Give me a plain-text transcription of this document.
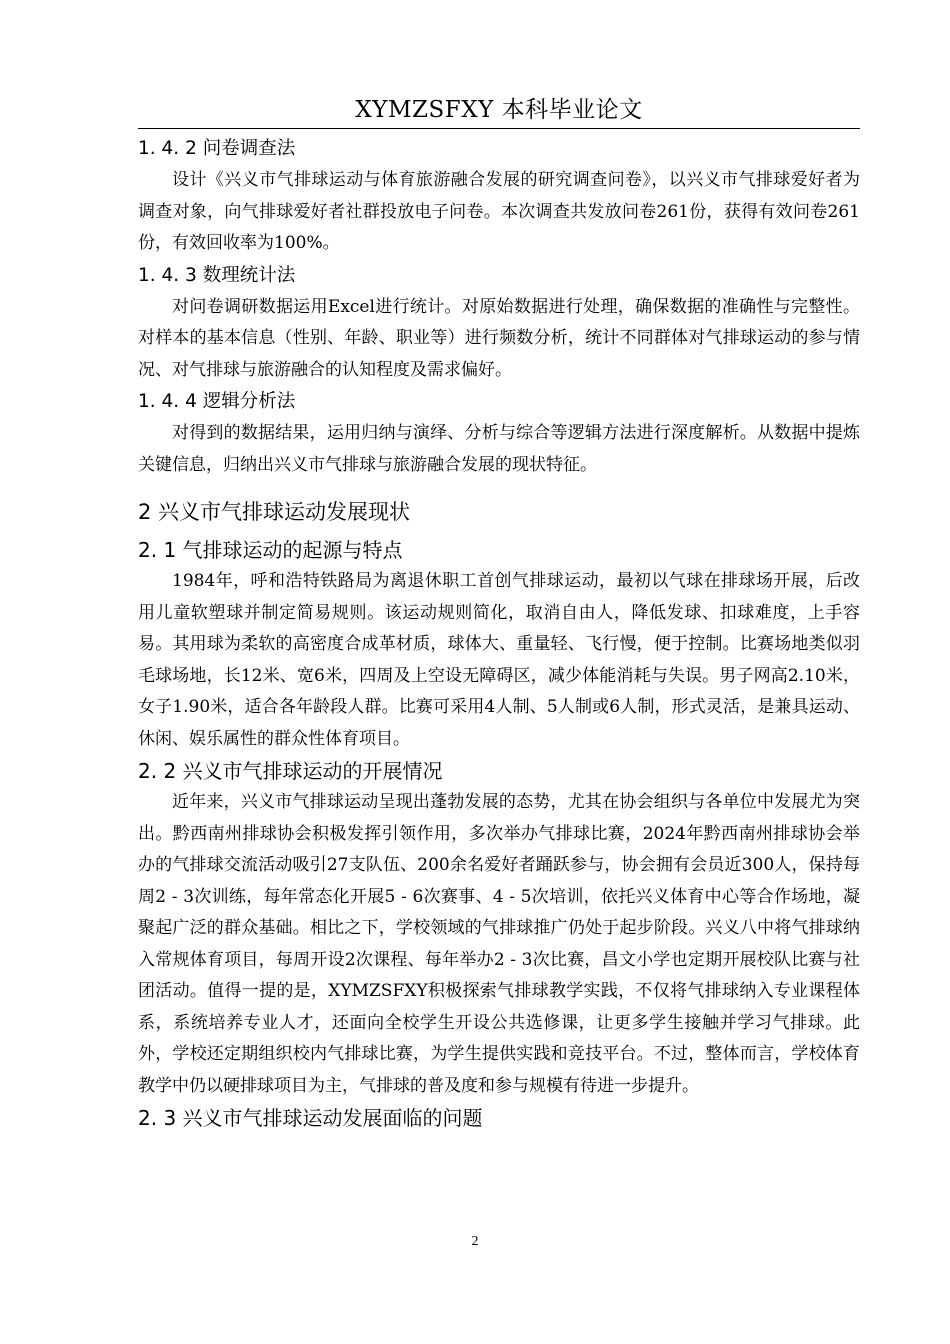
XYMZSFXY 本科毕业论文
1. 4. 2 问卷调查法

设计《兴义市气排球运动与体育旅游融合发展的研究调查问卷》，以兴义市气排球爱好者为调查对象，向气排球爱好者社群投放电子问卷。本次调查共发放问卷261份，获得有效问卷261份，有效回收率为100%。

1. 4. 3 数理统计法

对问卷调研数据运用Excel进行统计。对原始数据进行处理，确保数据的准确性与完整性。对样本的基本信息（性别、年龄、职业等）进行频数分析，统计不同群体对气排球运动的参与情况、对气排球与旅游融合的认知程度及需求偏好。

1. 4. 4 逻辑分析法

对得到的数据结果，运用归纳与演绎、分析与综合等逻辑方法进行深度解析。从数据中提炼关键信息，归纳出兴义市气排球与旅游融合发展的现状特征。

2 兴义市气排球运动发展现状
2. 1 气排球运动的起源与特点

1984年，呼和浩特铁路局为离退休职工首创气排球运动，最初以气球在排球场开展，后改用儿童软塑球并制定简易规则。该运动规则简化，取消自由人，降低发球、扣球难度，上手容易。其用球为柔软的高密度合成革材质，球体大、重量轻、飞行慢，便于控制。比赛场地类似羽毛球场地，长12米、宽6米，四周及上空设无障碍区，减少体能消耗与失误。男子网高2.10米，女子1.90米，适合各年龄段人群。比赛可采用4人制、5人制或6人制，形式灵活，是兼具运动、休闲、娱乐属性的群众性体育项目。

2. 2 兴义市气排球运动的开展情况

近年来，兴义市气排球运动呈现出蓬勃发展的态势，尤其在协会组织与各单位中发展尤为突出。黔西南州排球协会积极发挥引领作用，多次举办气排球比赛，2024年黔西南州排球协会举办的气排球交流活动吸引27支队伍、200余名爱好者踊跃参与，协会拥有会员近300人，保持每周2 - 3次训练，每年常态化开展5 - 6次赛事、4 - 5次培训，依托兴义体育中心等合作场地，凝聚起广泛的群众基础。相比之下，学校领域的气排球推广仍处于起步阶段。兴义八中将气排球纳入常规体育项目，每周开设2次课程、每年举办2 - 3次比赛，昌文小学也定期开展校队比赛与社团活动。值得一提的是，XYMZSFXY积极探索气排球教学实践，不仅将气排球纳入专业课程体系，系统培养专业人才，还面向全校学生开设公共选修课，让更多学生接触并学习气排球。此外，学校还定期组织校内气排球比赛，为学生提供实践和竞技平台。不过，整体而言，学校体育教学中仍以硬排球项目为主，气排球的普及度和参与规模有待进一步提升。

2. 3 兴义市气排球运动发展面临的问题
2
